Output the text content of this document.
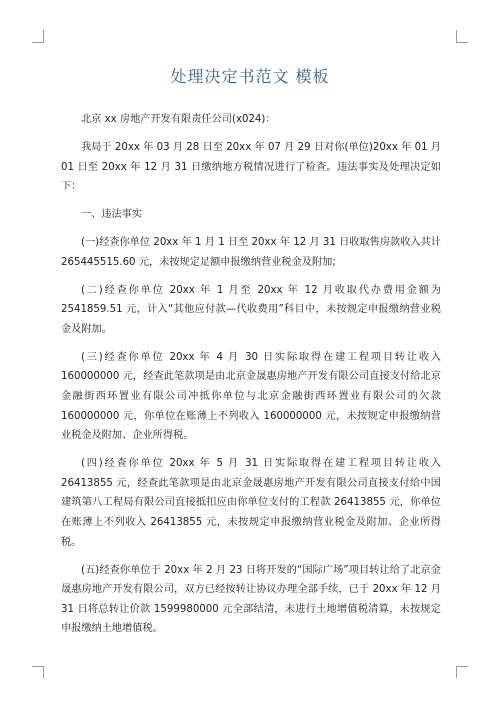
处理决定书范文 模板

北京 xx 房地产开发有限责任公司(x024)：

我局于 20xx 年 03 月 28 日至 20xx 年 07 月 29 日对你(单位)20xx 年 01 月 01 日至 20xx 年 12 月 31 日缴纳地方税情况进行了检查。违法事实及处理决定如下：

一、违法事实

(一)经查你单位 20xx 年 1 月 1 日至 20xx 年 12 月 31 日收取售房款收入共计 265445515.60 元，未按规定足额申报缴纳营业税金及附加;

(二)经查你单位 20xx 年 1 月至 20xx 年 12 月收取代办费用金额为 2541859.51 元，计入“其他应付款—代收费用”科目中，未按规定申报缴纳营业税金及附加。

(三)经查你单位 20xx 年 4 月 30 日实际取得在建工程项目转让收入 160000000 元，经查此笔款项是由北京金晟惠房地产开发有限公司直接支付给北京金融街西环置业有限公司冲抵你单位与北京金融街西环置业有限公司的欠款 160000000 元，你单位在账薄上不列收入 160000000 元，未按规定申报缴纳营业税金及附加、企业所得税。

(四)经查你单位 20xx 年 5 月 31 日实际取得在建工程项目转让收入 26413855 元，经查此笔款项是由北京金晟惠房地产开发有限公司直接支付给中国建筑第八工程局有限公司直接抵扣应由你单位支付的工程款 26413855 元，你单位在账薄上不列收入 26413855 元，未按规定申报缴纳营业税金及附加、企业所得税。

(五)经查你单位于 20xx 年 2 月 23 日将开发的“国际广场”项目转让给了北京金晟惠房地产开发有限公司，双方已经按转让协议办理全部手续，已于 20xx 年 12 月 31 日将总转让价款 1599980000 元全部结清，未进行土地增值税清算，未按规定申报缴纳土地增值税。
